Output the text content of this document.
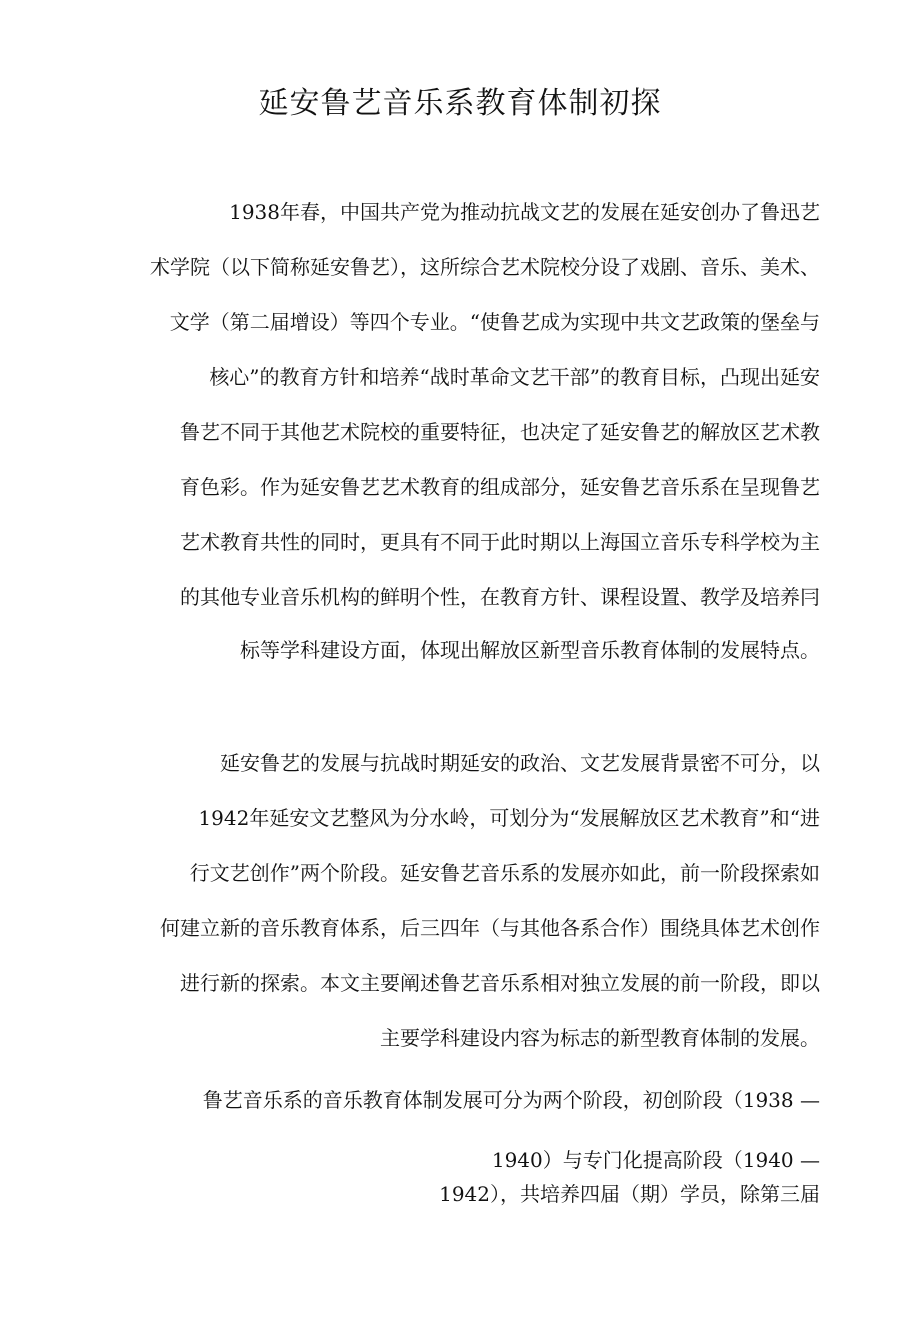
延安鲁艺音乐系教育体制初探
1938年春，中国共产党为推动抗战文艺的发展在延安创办了鲁迅艺
术学院（以下简称延安鲁艺），这所综合艺术院校分设了戏剧、音乐、美术、
文学（第二届增设）等四个专业。“使鲁艺成为实现中共文艺政策的堡垒与
核心”的教育方针和培养“战时革命文艺干部”的教育目标，凸现出延安
鲁艺不同于其他艺术院校的重要特征，也决定了延安鲁艺的解放区艺术教
育色彩。作为延安鲁艺艺术教育的组成部分，延安鲁艺音乐系在呈现鲁艺
艺术教育共性的同时，更具有不同于此时期以上海国立音乐专科学校为主
的其他专业音乐机构的鲜明个性，在教育方针、课程设置、教学及培养冃
标等学科建设方面，体现出解放区新型音乐教育体制的发展特点。
延安鲁艺的发展与抗战时期延安的政治、文艺发展背景密不可分，以
1942年延安文艺整风为分水岭，可划分为“发展解放区艺术教育”和“进
行文艺创作”两个阶段。延安鲁艺音乐系的发展亦如此，前一阶段探索如
何建立新的音乐教育体系，后三四年（与其他各系合作）围绕具体艺术创作
进行新的探索。本文主要阐述鲁艺音乐系相对独立发展的前一阶段，即以
主要学科建设内容为标志的新型教育体制的发展。
鲁艺音乐系的音乐教育体制发展可分为两个阶段，初创阶段（1938 —
1940）与专门化提高阶段（1940 —
1942），共培养四届（期）学员，除第三届
